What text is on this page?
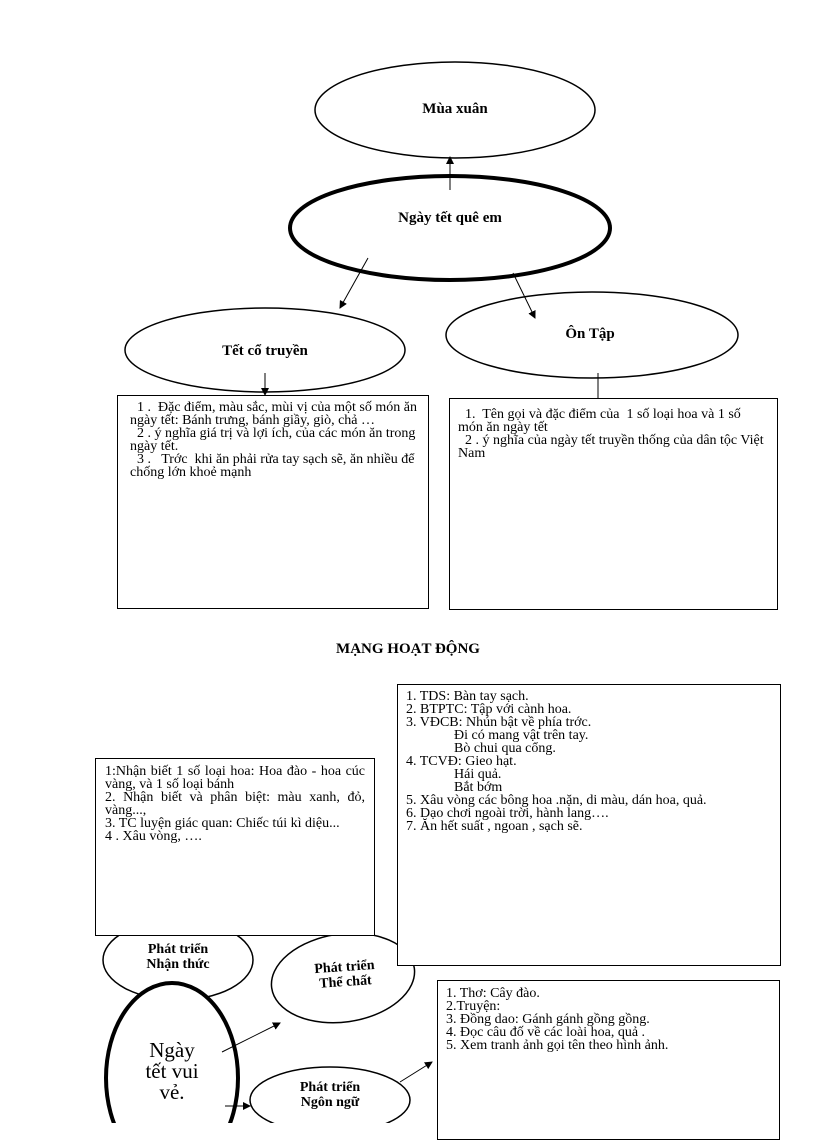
Mùa xuân
Ngày tết quê em
Tết cổ truyền
Ôn Tập

1 .  Đặc điểm, màu sắc, mùi vị của một số món ăn ngày tết: Bánh trưng, bánh giầy, giò, chả …

2 . ý nghĩa giá trị và lợi ích, của các món ăn trong ngày tết.

3 .   Trớc  khi ăn phải rửa tay sạch sẽ, ăn nhiều để chống lớn khoẻ mạnh

1.  Tên gọi và đặc điểm của  1 số loại hoa và 1 số món ăn ngày tết

2 . ý nghĩa của ngày tết truyền thống của dân tộc Việt Nam

MẠNG HOẠT ĐỘNG

1. TDS: Bàn tay sạch.

2. BTPTC: Tập với cành hoa.

3. VĐCB: Nhún bật về phía trớc.

Đi có mang vật trên tay.

Bò chui qua cổng.

4. TCVĐ: Gieo hạt.

Hái quả.

Bắt bớm

5. Xâu vòng các bông hoa .nặn, di màu, dán hoa, quả.

6. Dạo chơi ngoài trời, hành lang….

7. Ăn hết suất , ngoan , sạch sẽ.

1:Nhận biết 1 số loại hoa: Hoa đào - hoa cúc vàng, và 1 số loại bánh

2. Nhận biết và phân biệt: màu xanh, đỏ, vàng...,

3. TC luyện giác quan: Chiếc túi kì diệu...

4 . Xâu vòng, ….

1. Thơ: Cây đào.

2.Truyện:

3. Đồng dao: Gánh gánh gồng gồng.

4. Đọc câu đố về các loài hoa, quả .

5. Xem tranh ảnh gọi tên theo hình ảnh.

Phát triển
Nhận thức	Phát triển
Thể chất
Ngày
tết vui
vẻ.	Phát triển
Ngôn ngữ
